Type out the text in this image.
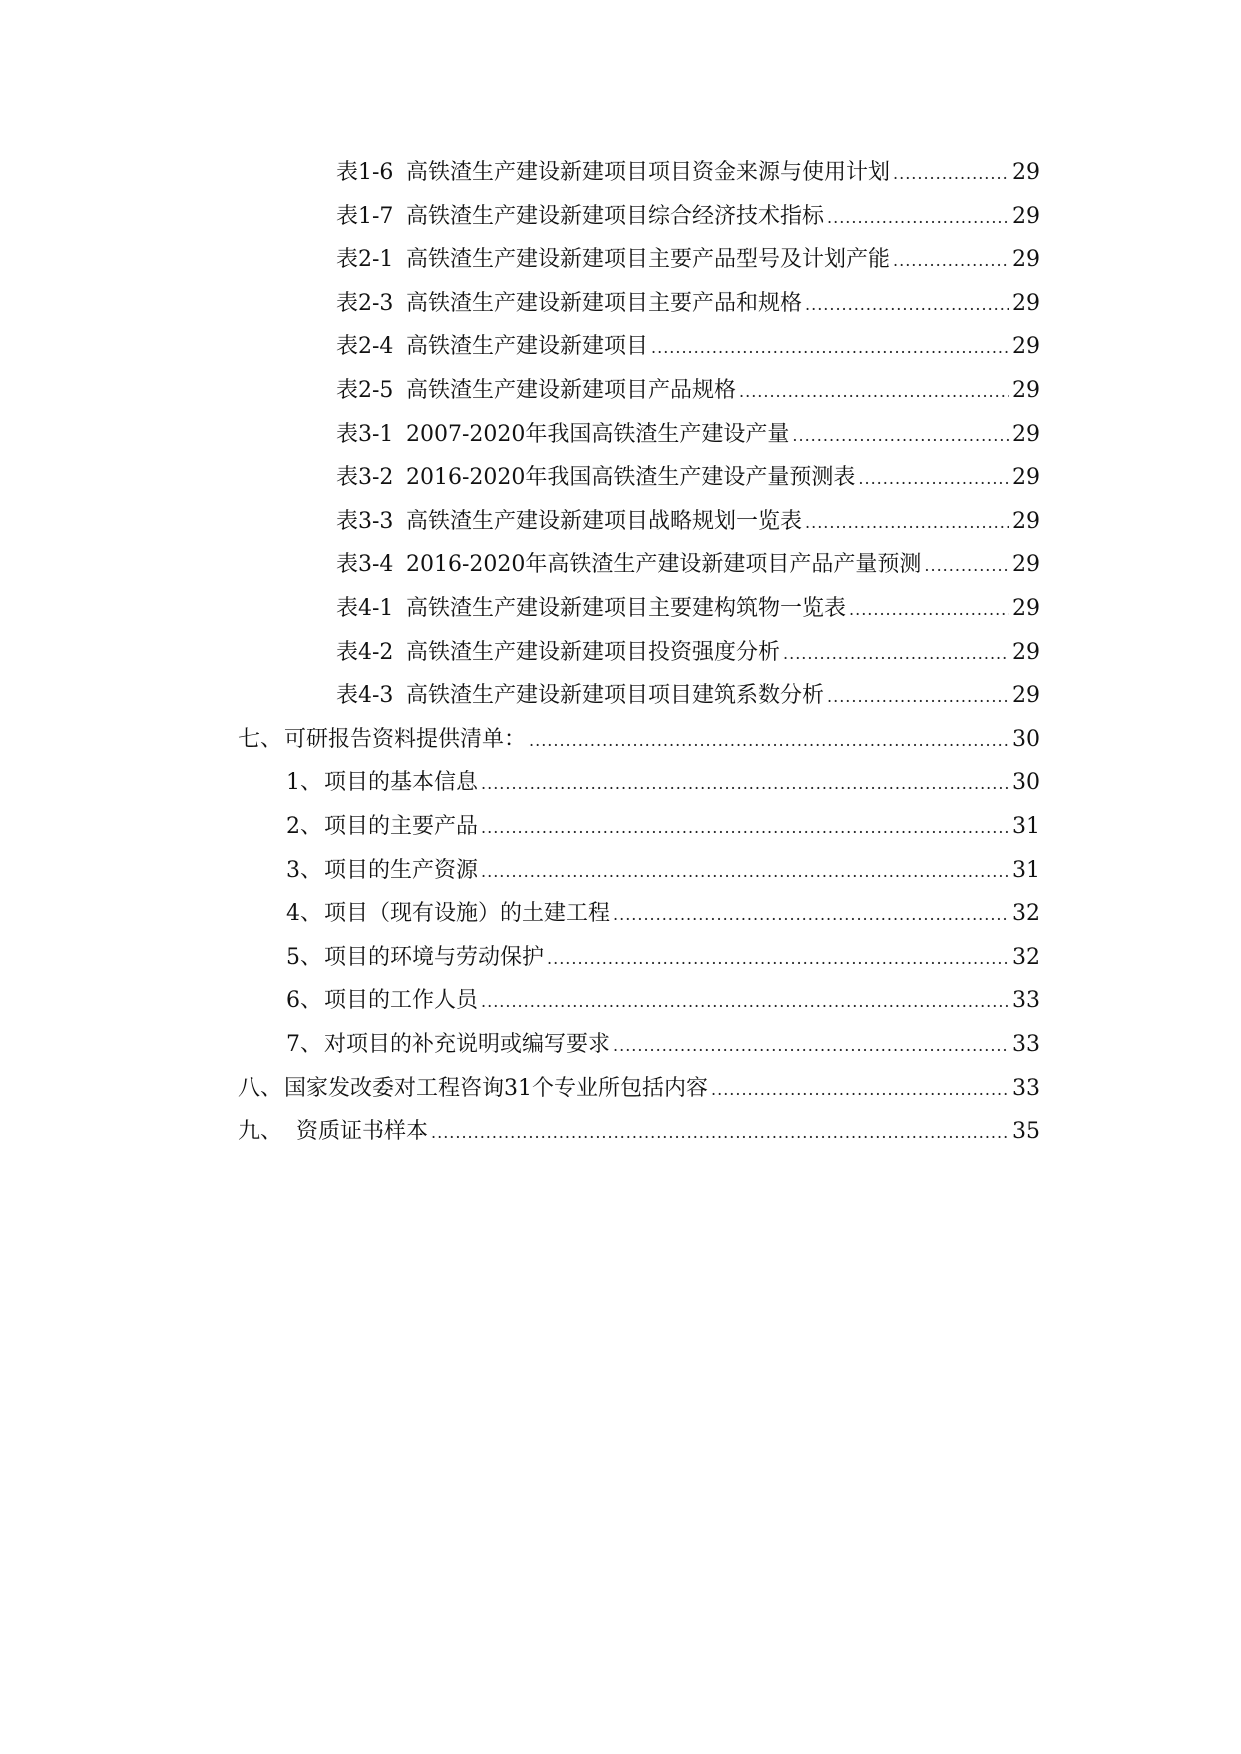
表1-6 高铁渣生产建设新建项目项目资金来源与使用计划 .....	29
表1-7 高铁渣生产建设新建项目综合经济技术指标 .....	29
表2-1 高铁渣生产建设新建项目主要产品型号及计划产能 .....	29
表2-3 高铁渣生产建设新建项目主要产品和规格 .....	29
表2-4 高铁渣生产建设新建项目 .....	29
表2-5 高铁渣生产建设新建项目产品规格 .....	29
表3-1 2007-2020年我国高铁渣生产建设产量 .....	29
表3-2 2016-2020年我国高铁渣生产建设产量预测表 .....	29
表3-3 高铁渣生产建设新建项目战略规划一览表 .....	29
表3-4 2016-2020年高铁渣生产建设新建项目产品产量预测 .....	29
表4-1 高铁渣生产建设新建项目主要建构筑物一览表 .....	29
表4-2 高铁渣生产建设新建项目投资强度分析 .....	29
表4-3 高铁渣生产建设新建项目项目建筑系数分析 .....	29
七、可研报告资料提供清单： .....	30
1、项目的基本信息 .....	30
2、项目的主要产品 .....	31
3、项目的生产资源 .....	31
4、项目（现有设施）的土建工程 .....	32
5、项目的环境与劳动保护 .....	32
6、项目的工作人员 .....	33
7、对项目的补充说明或编写要求 .....	33
八、国家发改委对工程咨询31个专业所包括内容 .....	33
九、 资质证书样本 .....	35
